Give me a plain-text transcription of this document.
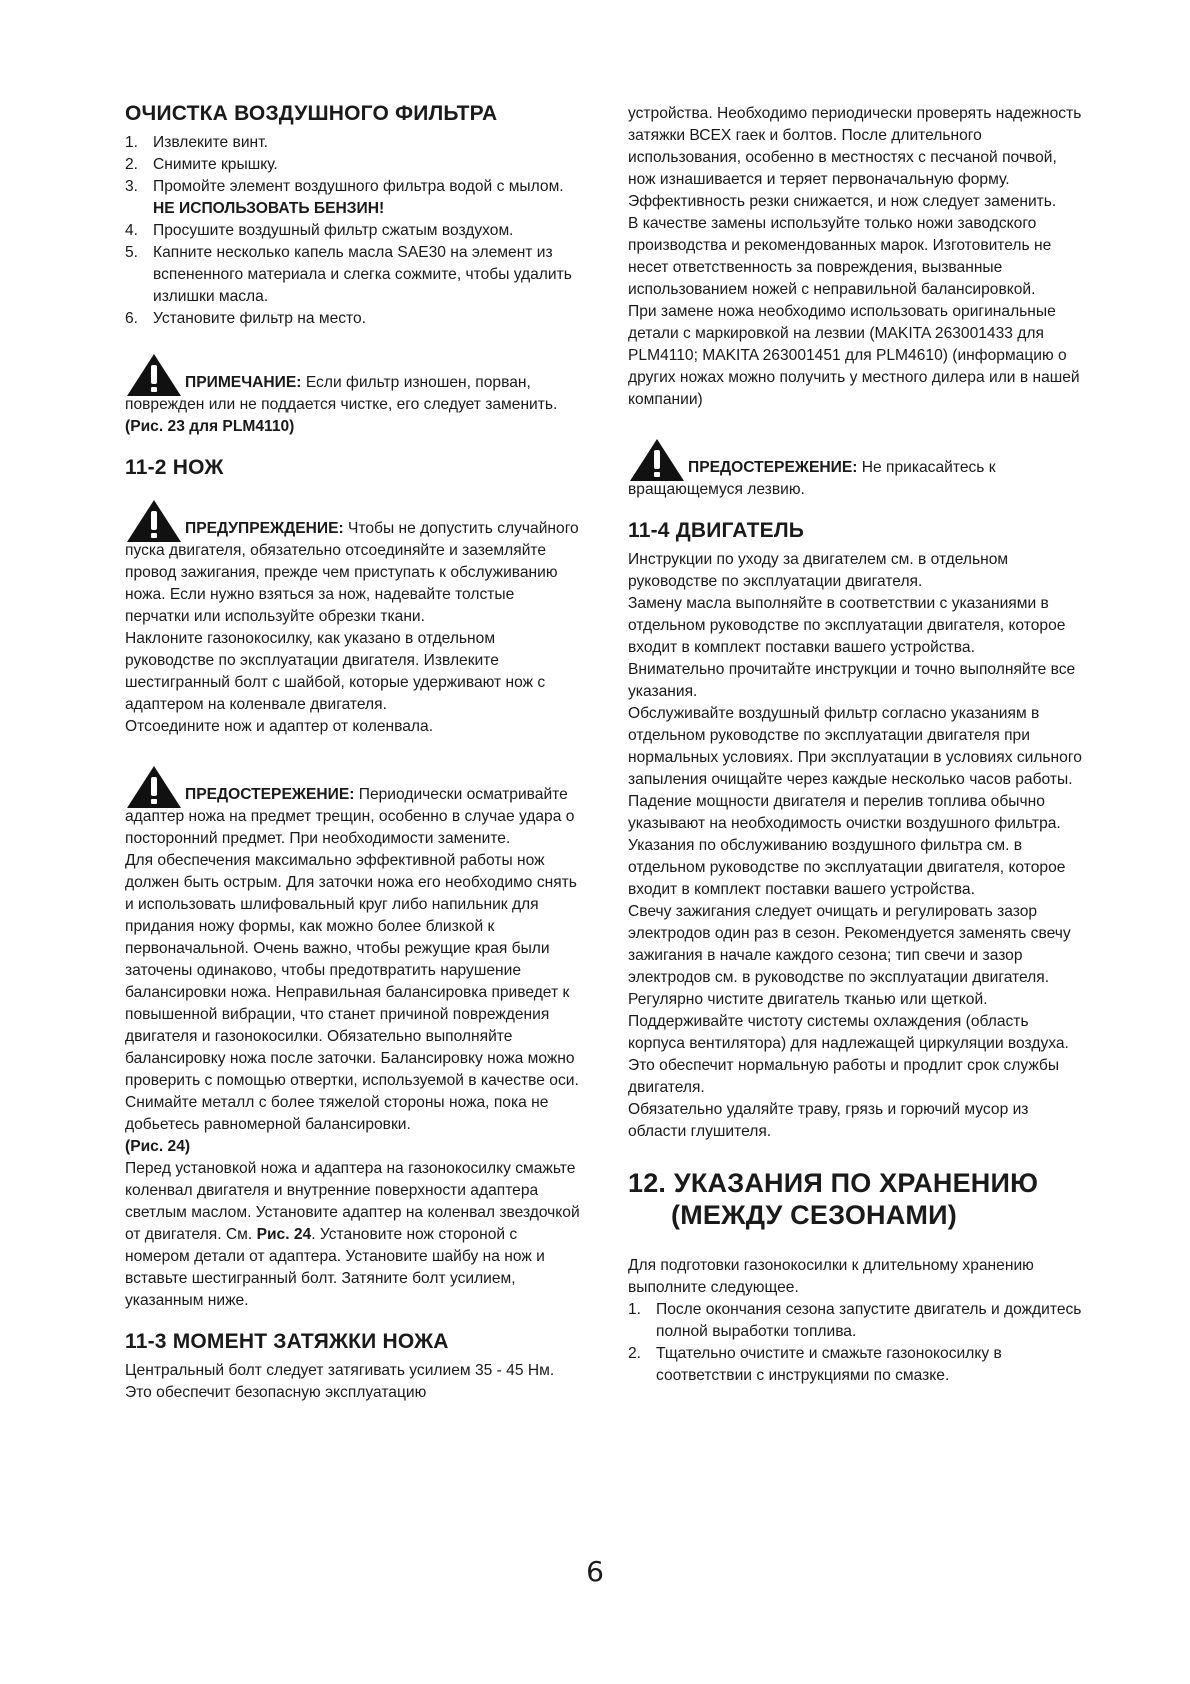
ОЧИСТКА ВОЗДУШНОГО ФИЛЬТРА
1. Извлеките винт.
2. Снимите крышку.
3. Промойте элемент воздушного фильтра водой с мылом. НЕ ИСПОЛЬЗОВАТЬ БЕНЗИН!
4. Просушите воздушный фильтр сжатым воздухом.
5. Капните несколько капель масла SAE30 на элемент из вспененного материала и слегка сожмите, чтобы удалить излишки масла.
6. Установите фильтр на место.

ПРИМЕЧАНИЕ: Если фильтр изношен, порван, поврежден или не поддается чистке, его следует заменить. (Рис. 23 для PLM4110)

11-2 НОЖ

ПРЕДУПРЕЖДЕНИЕ: Чтобы не допустить случайного пуска двигателя, обязательно отсоединяйте и заземляйте провод зажигания, прежде чем приступать к обслуживанию ножа. Если нужно взяться за нож, надевайте толстые перчатки или используйте обрезки ткани.

Наклоните газонокосилку, как указано в отдельном руководстве по эксплуатации двигателя. Извлеките шестигранный болт с шайбой, которые удерживают нож с адаптером на коленвале двигателя.

Отсоедините нож и адаптер от коленвала.

ПРЕДОСТЕРЕЖЕНИЕ: Периодически осматривайте адаптер ножа на предмет трещин, особенно в случае удара о посторонний предмет. При необходимости замените.

Для обеспечения максимально эффективной работы нож должен быть острым. Для заточки ножа его необходимо снять и использовать шлифовальный круг либо напильник для придания ножу формы, как можно более близкой к первоначальной. Очень важно, чтобы режущие края были заточены одинаково, чтобы предотвратить нарушение балансировки ножа. Неправильная балансировка приведет к повышенной вибрации, что станет причиной повреждения двигателя и газонокосилки. Обязательно выполняйте балансировку ножа после заточки. Балансировку ножа можно проверить с помощью отвертки, используемой в качестве оси. Снимайте металл с более тяжелой стороны ножа, пока не добьетесь равномерной балансировки.

(Рис. 24)

Перед установкой ножа и адаптера на газонокосилку смажьте коленвал двигателя и внутренние поверхности адаптера светлым маслом. Установите адаптер на коленвал звездочкой от двигателя. См. Рис. 24. Установите нож стороной с номером детали от адаптера. Установите шайбу на нож и вставьте шестигранный болт. Затяните болт усилием, указанным ниже.

11-3 МОМЕНТ ЗАТЯЖКИ НОЖА

Центральный болт следует затягивать усилием 35 - 45 Нм. Это обеспечит безопасную эксплуатацию

устройства. Необходимо периодически проверять надежность затяжки ВСЕХ гаек и болтов. После длительного использования, особенно в местностях с песчаной почвой, нож изнашивается и теряет первоначальную форму. Эффективность резки снижается, и нож следует заменить.

В качестве замены используйте только ножи заводского производства и рекомендованных марок. Изготовитель не несет ответственность за повреждения, вызванные использованием ножей с неправильной балансировкой.

При замене ножа необходимо использовать оригинальные детали с маркировкой на лезвии (MAKITA 263001433 для PLM4110; MAKITA 263001451 для PLM4610) (информацию о других ножах можно получить у местного дилера или в нашей компании)

ПРЕДОСТЕРЕЖЕНИЕ: Не прикасайтесь к вращающемуся лезвию.

11-4 ДВИГАТЕЛЬ

Инструкции по уходу за двигателем см. в отдельном руководстве по эксплуатации двигателя.

Замену масла выполняйте в соответствии с указаниями в отдельном руководстве по эксплуатации двигателя, которое входит в комплект поставки вашего устройства.

Внимательно прочитайте инструкции и точно выполняйте все указания.

Обслуживайте воздушный фильтр согласно указаниям в отдельном руководстве по эксплуатации двигателя при нормальных условиях. При эксплуатации в условиях сильного запыления очищайте через каждые несколько часов работы. Падение мощности двигателя и перелив топлива обычно указывают на необходимость очистки воздушного фильтра.

Указания по обслуживанию воздушного фильтра см. в отдельном руководстве по эксплуатации двигателя, которое входит в комплект поставки вашего устройства.

Свечу зажигания следует очищать и регулировать зазор электродов один раз в сезон. Рекомендуется заменять свечу зажигания в начале каждого сезона; тип свечи и зазор электродов см. в руководстве по эксплуатации двигателя.

Регулярно чистите двигатель тканью или щеткой. Поддерживайте чистоту системы охлаждения (область корпуса вентилятора) для надлежащей циркуляции воздуха. Это обеспечит нормальную работы и продлит срок службы двигателя.

Обязательно удаляйте траву, грязь и горючий мусор из области глушителя.

12. УКАЗАНИЯ ПО ХРАНЕНИЮ
(МЕЖДУ СЕЗОНАМИ)

Для подготовки газонокосилки к длительному хранению выполните следующее.

1. После окончания сезона запустите двигатель и дождитесь полной выработки топлива.
2. Тщательно очистите и смажьте газонокосилку в соответствии с инструкциями по смазке.
6
